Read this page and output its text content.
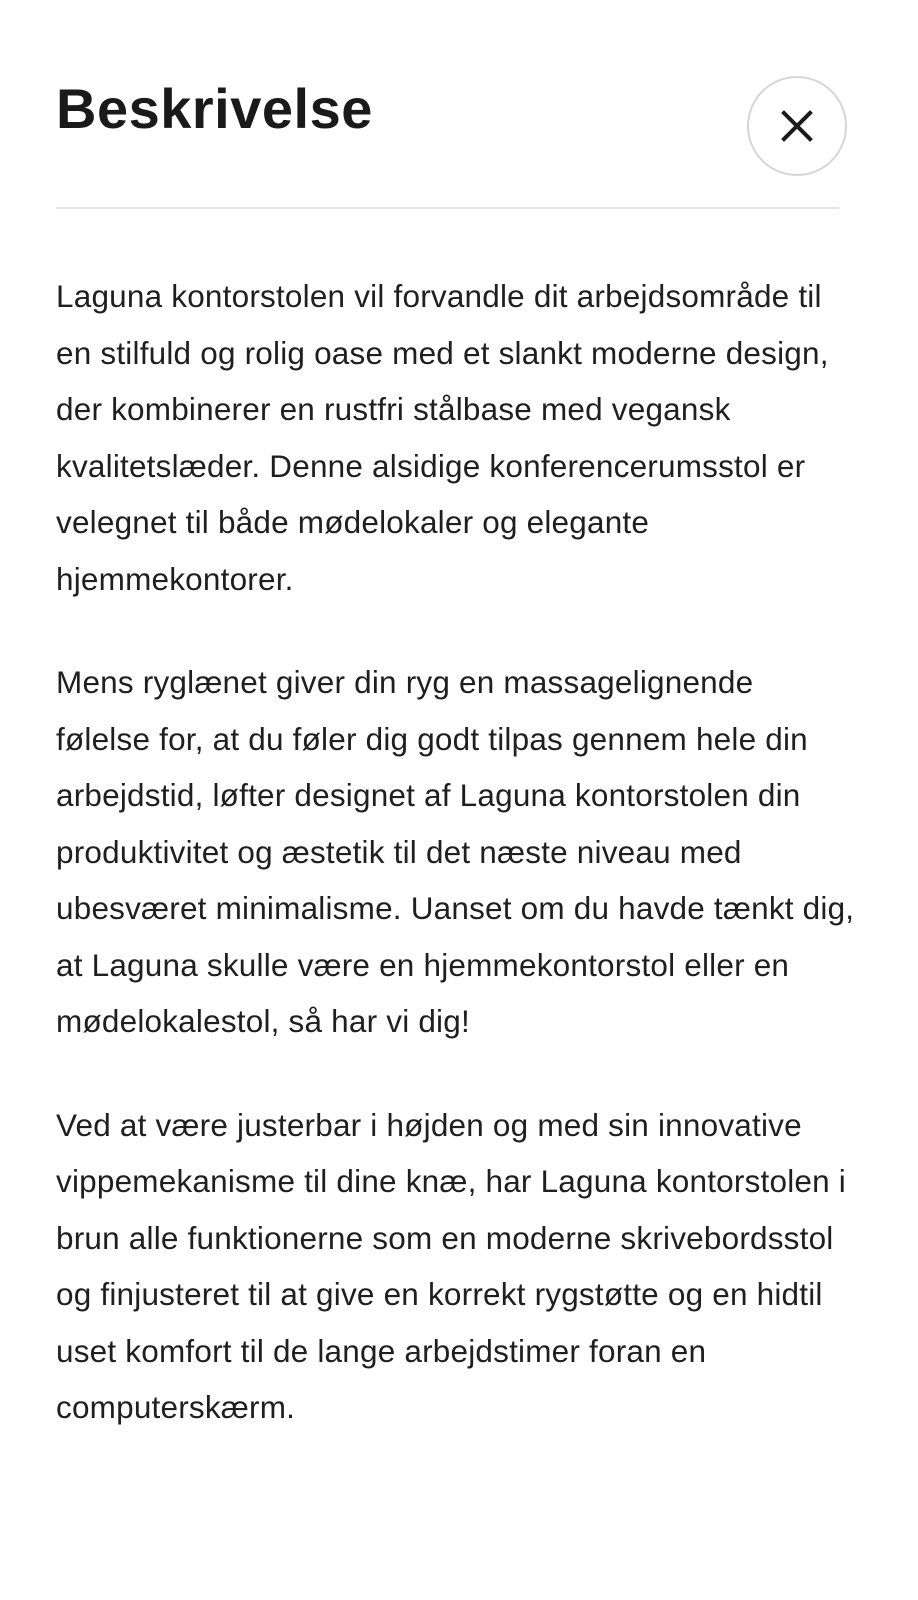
Beskrivelse

Laguna kontorstolen vil forvandle dit arbejdsområde til en stilfuld og rolig oase med et slankt moderne design, der kombinerer en rustfri stålbase med vegansk kvalitetslæder. Denne alsidige konferencerumsstol er velegnet til både mødelokaler og elegante hjemmekontorer.

Mens ryglænet giver din ryg en massagelignende følelse for, at du føler dig godt tilpas gennem hele din arbejdstid, løfter designet af Laguna kontorstolen din produktivitet og æstetik til det næste niveau med ubesværet minimalisme. Uanset om du havde tænkt dig, at Laguna skulle være en hjemmekontorstol eller en mødelokalestol, så har vi dig!

Ved at være justerbar i højden og med sin innovative vippemekanisme til dine knæ, har Laguna kontorstolen i brun alle funktionerne som en moderne skrivebordsstol og finjusteret til at give en korrekt rygstøtte og en hidtil uset komfort til de lange arbejdstimer foran en computerskærm.
